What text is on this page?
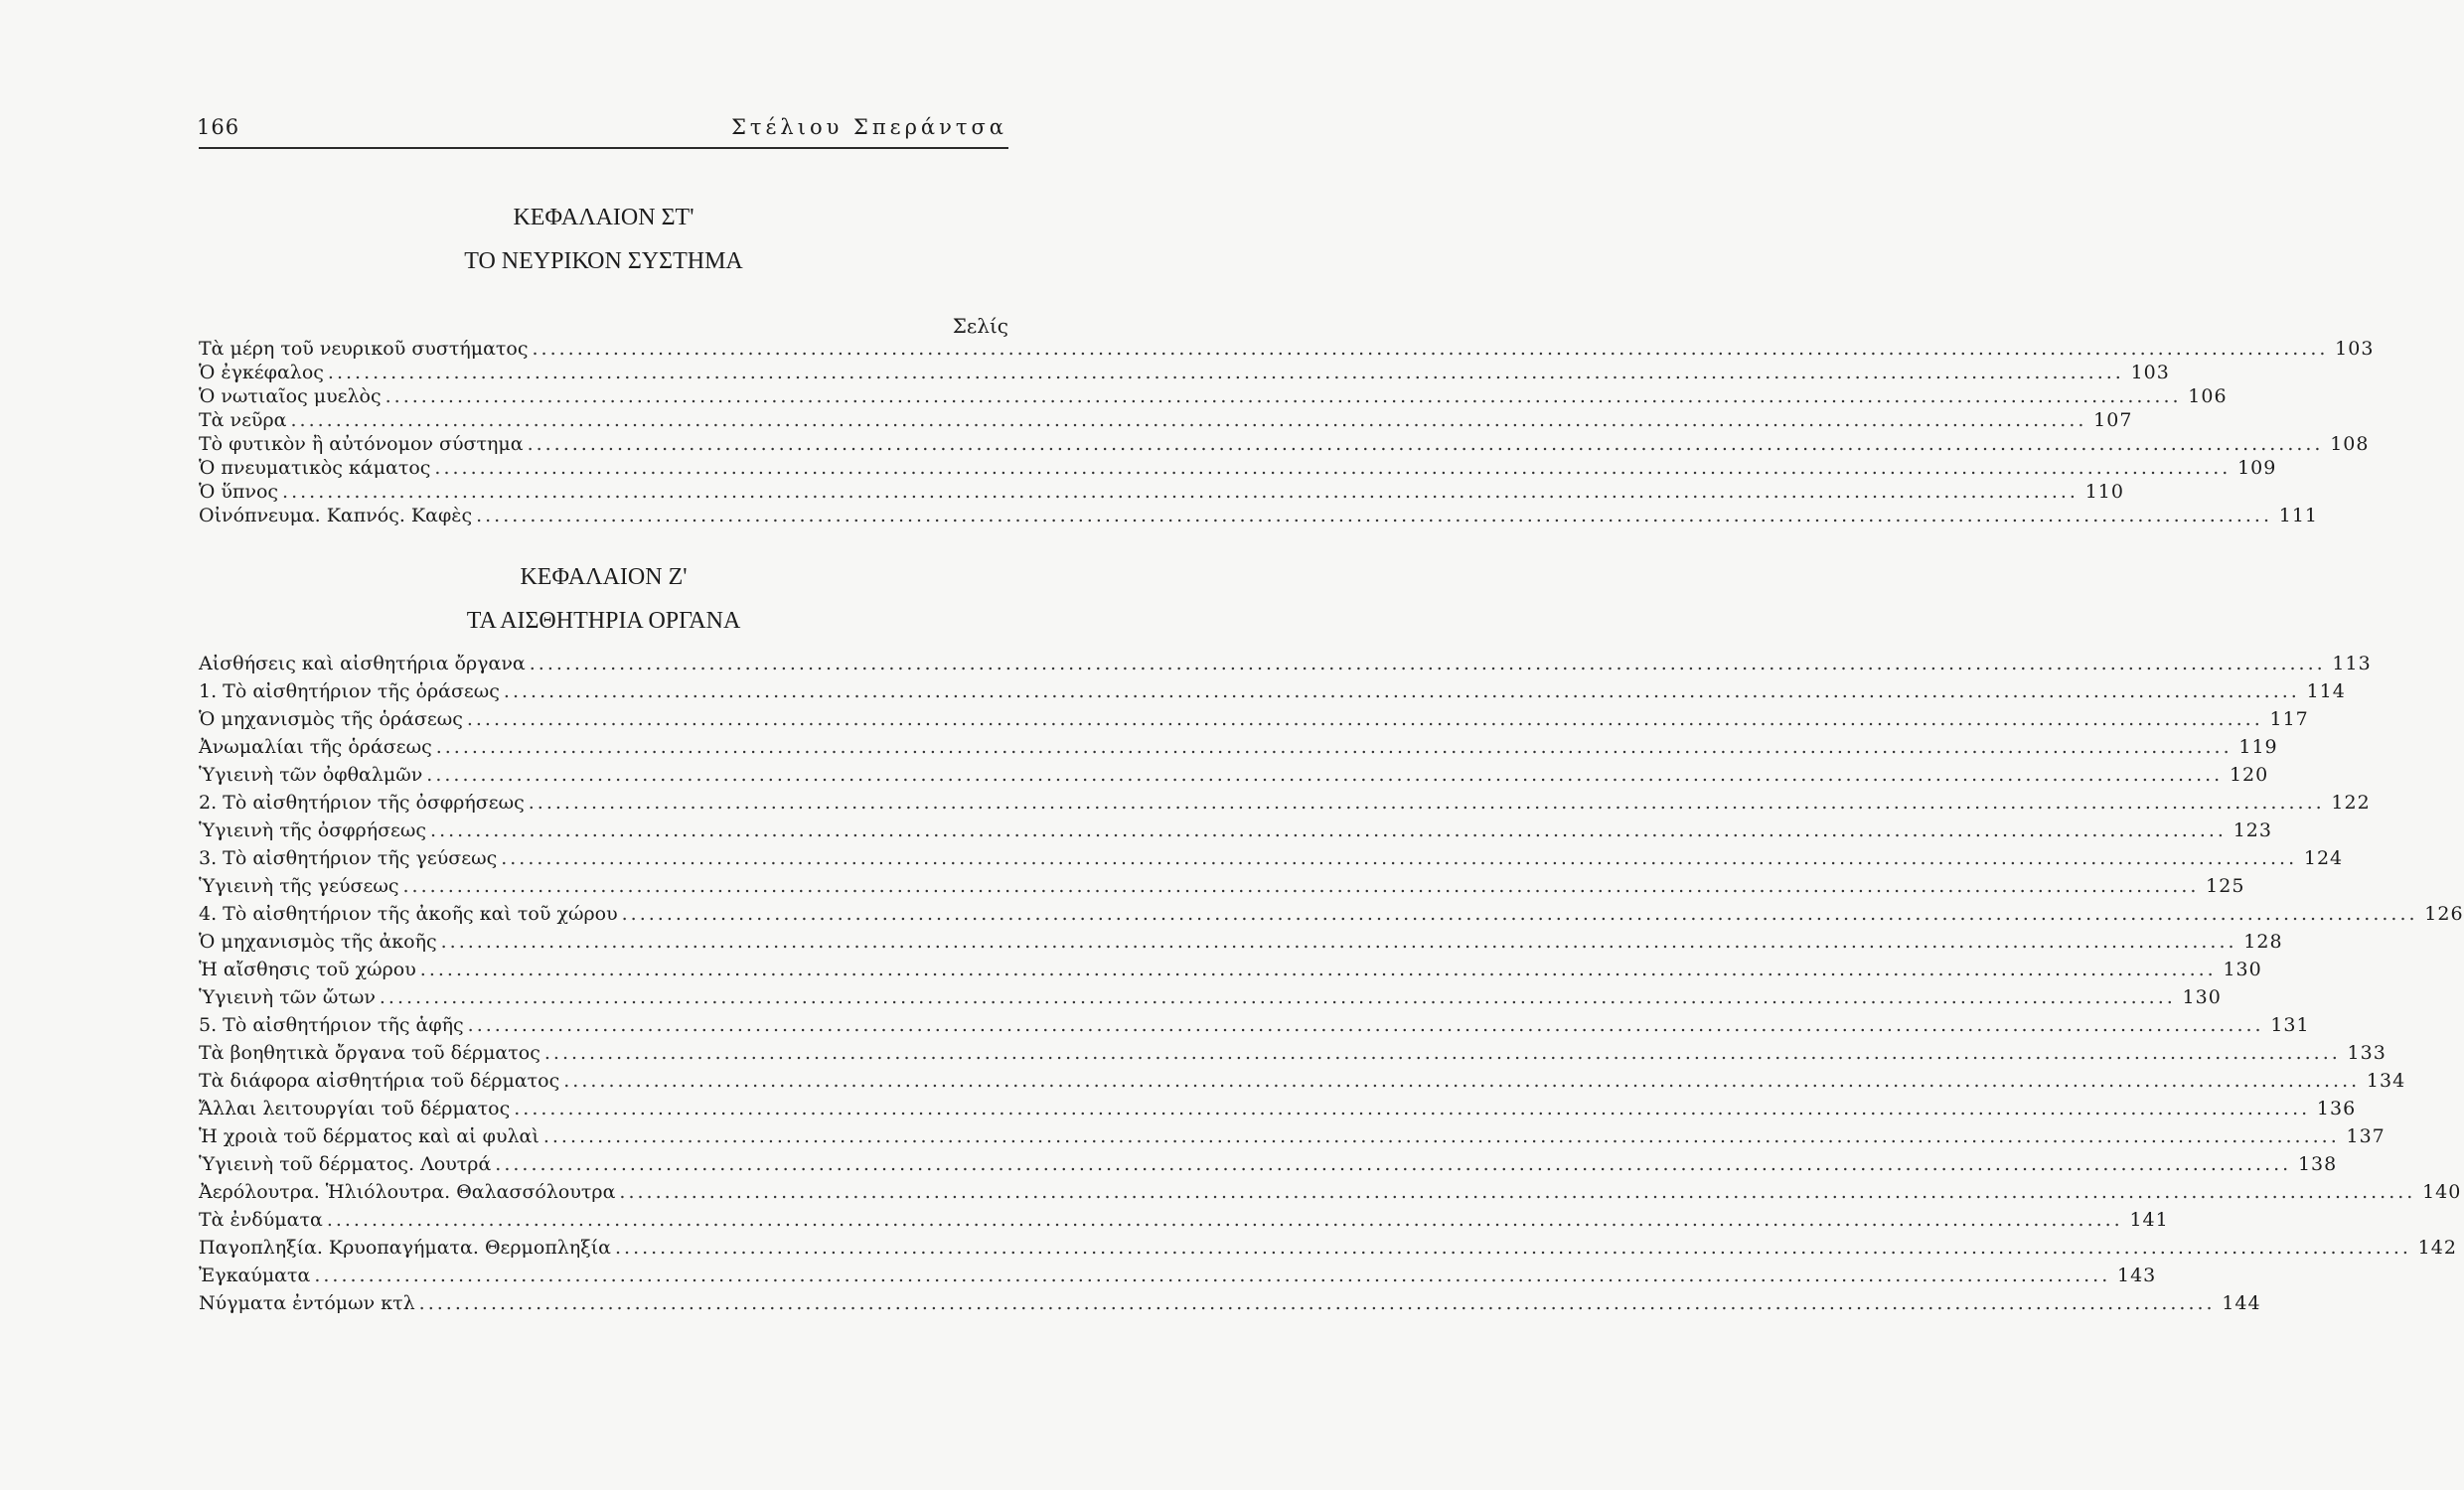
166	Στέλιου Σπεράντσα
ΚΕΦΑΛΑΙΟΝ ΣΤ'
ΤΟ ΝΕΥΡΙΚΟΝ ΣΥΣΤΗΜΑ
Σελίς
Τὰ μέρη τοῦ νευρικοῦ συστήματος ........................................................................................................................................................................................................ 103
Ὁ ἐγκέφαλος ........................................................................................................................................................................................................ 103
Ὁ νωτιαῖος μυελὸς ........................................................................................................................................................................................................ 106
Τὰ νεῦρα ........................................................................................................................................................................................................ 107
Τὸ φυτικὸν ἢ αὐτόνομον σύστημα ........................................................................................................................................................................................................ 108
Ὁ πνευματικὸς κάματος ........................................................................................................................................................................................................ 109
Ὁ ὕπνος ........................................................................................................................................................................................................ 110
Οἰνόπνευμα. Καπνός. Καφὲς ........................................................................................................................................................................................................ 111
ΚΕΦΑΛΑΙΟΝ Ζ'
ΤΑ ΑΙΣΘΗΤΗΡΙΑ ΟΡΓΑΝΑ
Αἰσθήσεις καὶ αἰσθητήρια ὄργανα ........................................................................................................................................................................................................ 113
1. Τὸ αἰσθητήριον τῆς ὁράσεως ........................................................................................................................................................................................................ 114
Ὁ μηχανισμὸς τῆς ὁράσεως ........................................................................................................................................................................................................ 117
Ἀνωμαλίαι τῆς ὁράσεως ........................................................................................................................................................................................................ 119
Ὑγιεινὴ τῶν ὀφθαλμῶν ........................................................................................................................................................................................................ 120
2. Τὸ αἰσθητήριον τῆς ὀσφρήσεως ........................................................................................................................................................................................................ 122
Ὑγιεινὴ τῆς ὀσφρήσεως ........................................................................................................................................................................................................ 123
3. Τὸ αἰσθητήριον τῆς γεύσεως ........................................................................................................................................................................................................ 124
Ὑγιεινὴ τῆς γεύσεως ........................................................................................................................................................................................................ 125
4. Τὸ αἰσθητήριον τῆς ἀκοῆς καὶ τοῦ χώρου ........................................................................................................................................................................................................ 126
Ὁ μηχανισμὸς τῆς ἀκοῆς ........................................................................................................................................................................................................ 128
Ἡ αἴσθησις τοῦ χώρου ........................................................................................................................................................................................................ 130
Ὑγιεινὴ τῶν ὤτων ........................................................................................................................................................................................................ 130
5. Τὸ αἰσθητήριον τῆς ἁφῆς ........................................................................................................................................................................................................ 131
Τὰ βοηθητικὰ ὄργανα τοῦ δέρματος ........................................................................................................................................................................................................ 133
Τὰ διάφορα αἰσθητήρια τοῦ δέρματος ........................................................................................................................................................................................................ 134
Ἄλλαι λειτουργίαι τοῦ δέρματος ........................................................................................................................................................................................................ 136
Ἡ χροιὰ τοῦ δέρματος καὶ αἱ φυλαὶ ........................................................................................................................................................................................................ 137
Ὑγιεινὴ τοῦ δέρματος. Λουτρά ........................................................................................................................................................................................................ 138
Ἀερόλουτρα. Ἡλιόλουτρα. Θαλασσόλουτρα ........................................................................................................................................................................................................ 140
Τὰ ἐνδύματα ........................................................................................................................................................................................................ 141
Παγοπληξία. Κρυοπαγήματα. Θερμοπληξία ........................................................................................................................................................................................................ 142
Ἐγκαύματα ........................................................................................................................................................................................................ 143
Νύγματα ἐντόμων κτλ ........................................................................................................................................................................................................ 144
